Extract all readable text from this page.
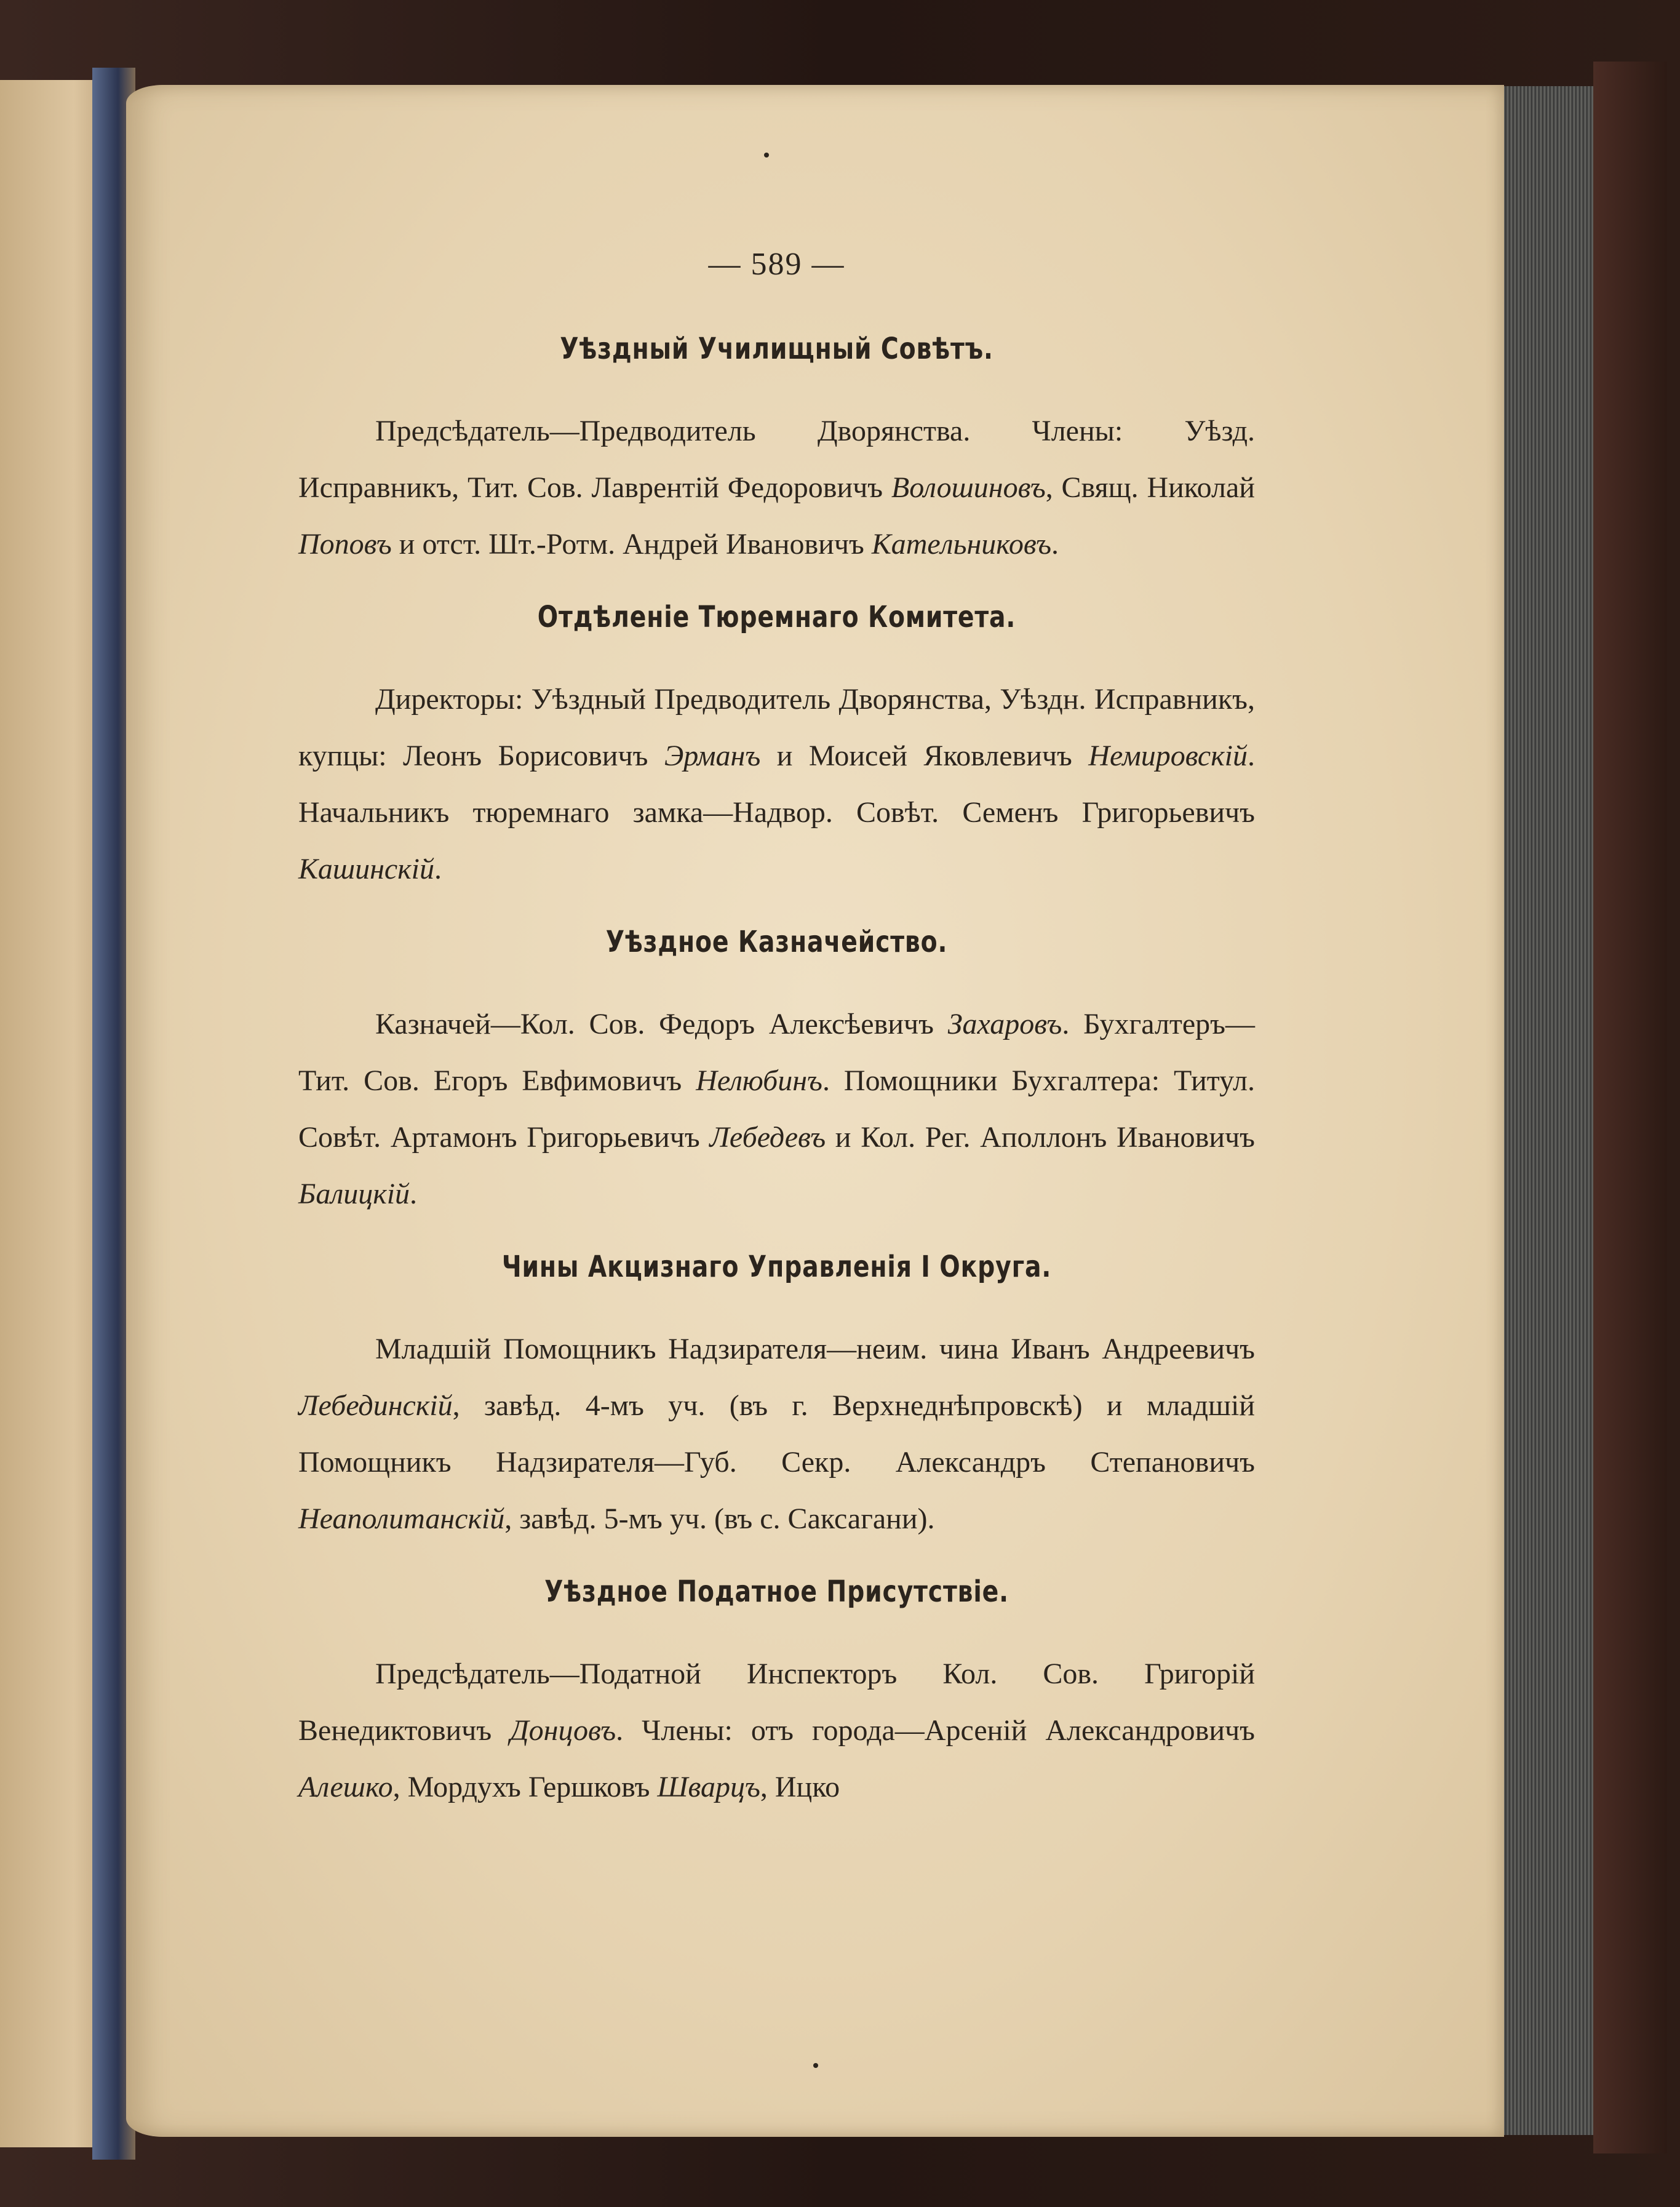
— 589 —
Уѣздный Училищный Совѣтъ.

Предсѣдатель—Предводитель Дворянства. Члены: Уѣзд. Исправникъ, Тит. Сов. Лаврентій Федоровичъ Волошиновъ, Свящ. Николай Поповъ и отст. Шт.-Ротм. Андрей Ивановичъ Катeльниковъ.

Отдѣленіе Тюремнаго Комитета.

Директоры: Уѣздный Предводитель Дворянства, Уѣздн. Исправникъ, купцы: Леонъ Борисовичъ Эрманъ и Моисей Яковлевичъ Немировскій. Начальникъ тюремнаго замка—Надвор. Совѣт. Семенъ Григорьевичъ Кашинскій.

Уѣздное Казначейство.

Казначей—Кол. Сов. Федоръ Алексѣевичъ Захаровъ. Бухгалтеръ—Тит. Сов. Егоръ Евфимовичъ Нелюбинъ. Помощники Бухгалтера: Титул. Совѣт. Артамонъ Григорьевичъ Лебедевъ и Кол. Рег. Аполлонъ Ивановичъ Балицкій.

Чины Акцизнаго Управленія I Округа.

Младшій Помощникъ Надзирателя—неим. чина Иванъ Андреевичъ Лебединскій, завѣд. 4-мъ уч. (въ г. Верхнеднѣпровскѣ) и младшій Помощникъ Надзирателя—Губ. Секр. Александръ Степановичъ Неаполитанскій, завѣд. 5-мъ уч. (въ с. Саксагани).

Уѣздное Податное Присутствіе.

Предсѣдатель—Податной Инспекторъ Кол. Сов. Григорій Венедиктовичъ Донцовъ. Члены: отъ города—Арсеній Александровичъ Алешко, Мордухъ Гершковъ Шварцъ, Ицко
